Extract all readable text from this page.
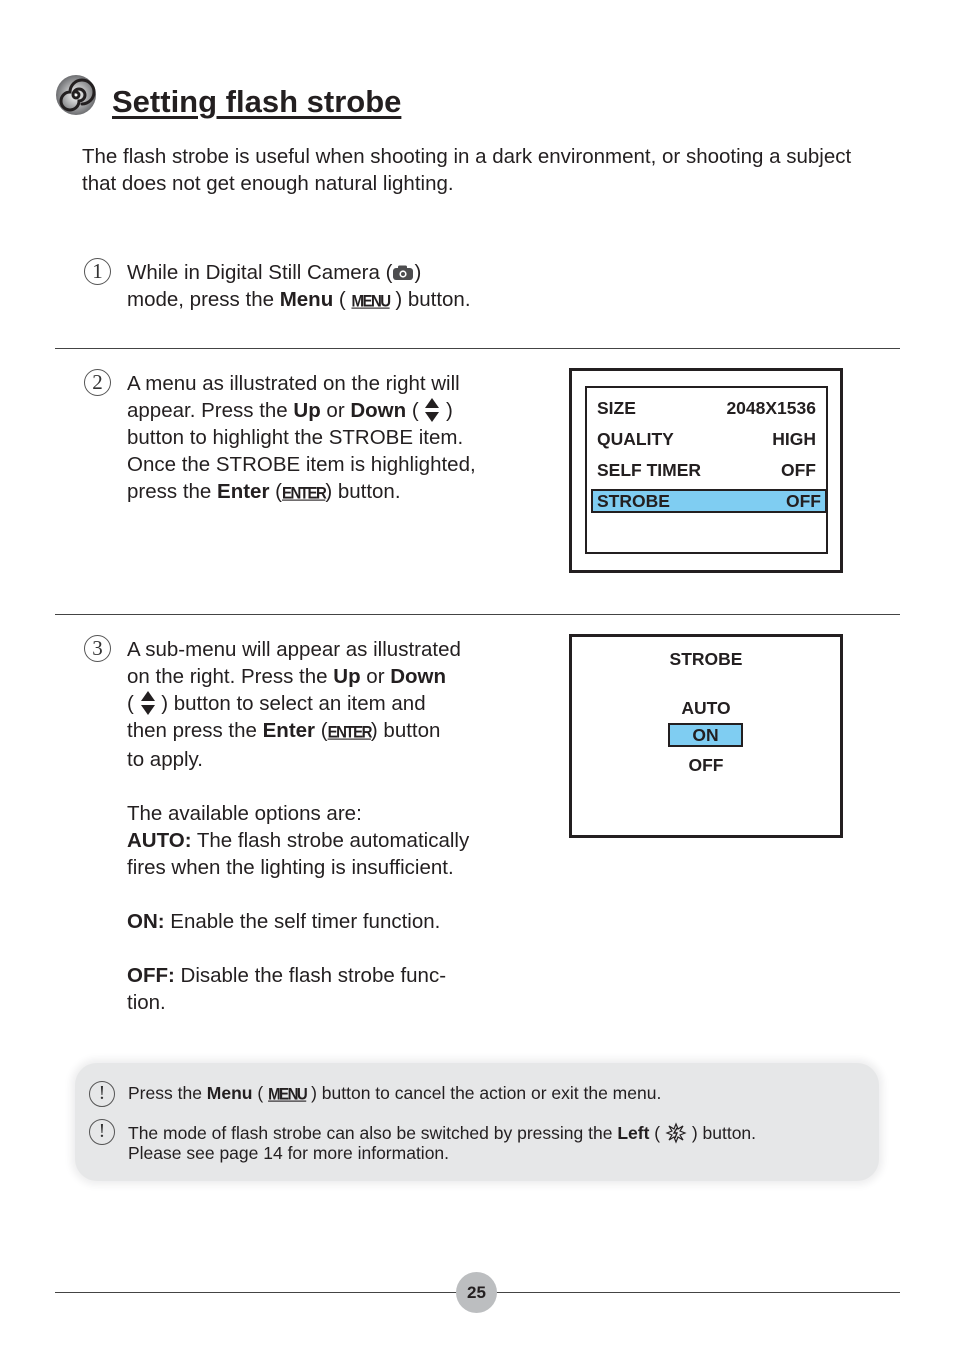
Setting flash strobe
The flash strobe is useful when shooting in a dark environment, or shooting a subject that does not get enough natural lighting.
1	While in Digital Still Camera ( )
mode, press the Menu ( MENU ) button.
2	A menu as illustrated on the right will
appear. Press the Up or Down (  )
button to highlight the STROBE item.
Once the STROBE item is highlighted,
press the Enter (ENTER) button.
SIZE	2048X1536
QUALITY	HIGH
SELF TIMER	OFF
STROBE	OFF
3	A sub-menu will appear as illustrated
on the right. Press the Up or Down
(  ) button to select an item and
then press the Enter (ENTER) button
to apply.
The available options are:
AUTO: The flash strobe automatically
fires when the lighting is insufficient.
ON: Enable the self timer function.
OFF: Disable the flash strobe func-
tion.
STROBE
AUTO
ON
OFF
!	Press the Menu ( MENU ) button to cancel the action or exit the menu.
!	The mode of flash strobe can also be switched by pressing the Left (  ) button.
Please see page 14 for more information.
25
